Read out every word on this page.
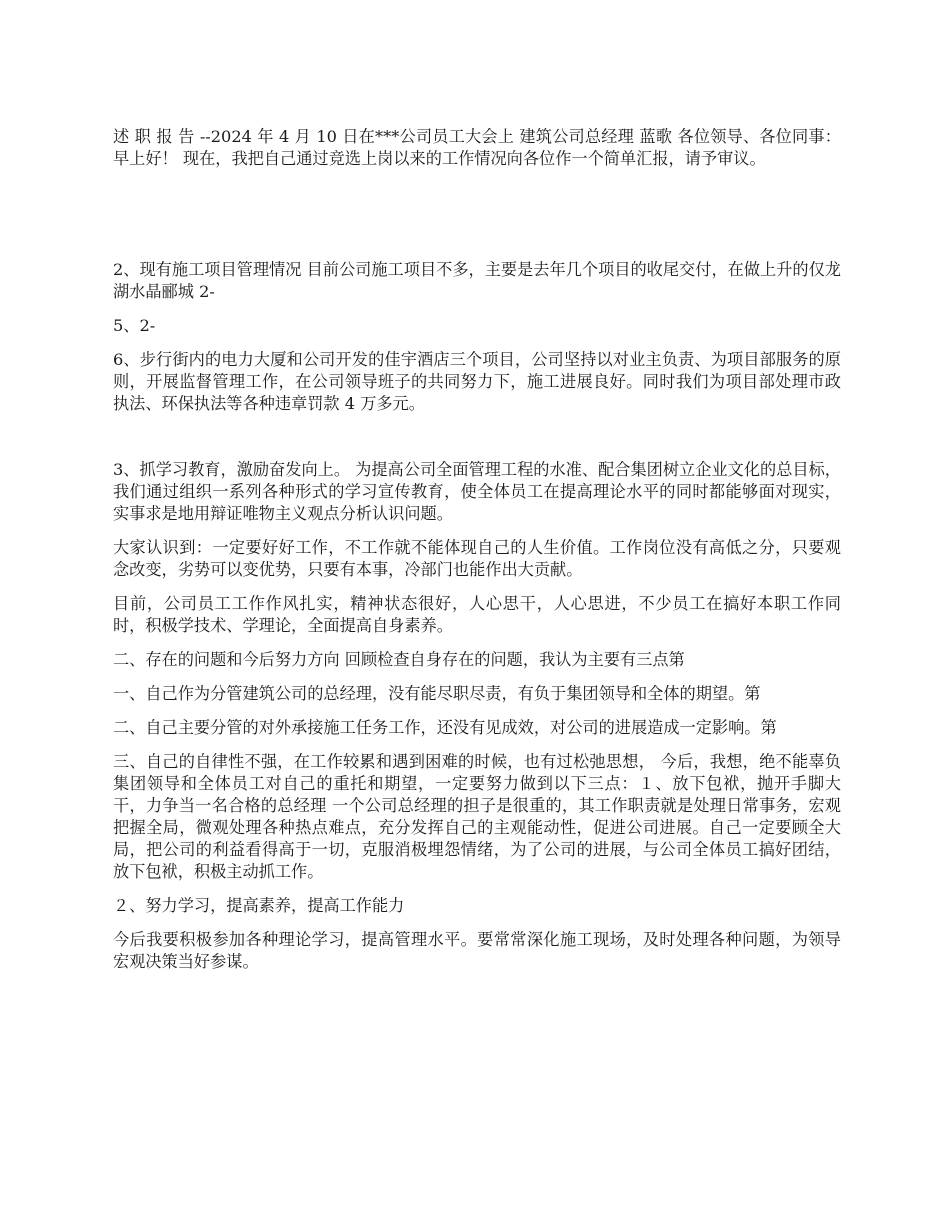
述 职 报 告 --2024 年 4 月 10 日在***公司员工大会上 建筑公司总经理 蓝歌 各位领导、各位同事： 早上好！ 现在，我把自己通过竞选上岗以来的工作情况向各位作一个简单汇报，请予审议。

2、现有施工项目管理情况 目前公司施工项目不多，主要是去年几个项目的收尾交付，在做上升的仅龙湖水晶郦城 2-

5、2-

6、步行街内的电力大厦和公司开发的佳宇酒店三个项目，公司坚持以对业主负责、为项目部服务的原则，开展监督管理工作，在公司领导班子的共同努力下，施工进展良好。同时我们为项目部处理市政执法、环保执法等各种违章罚款 4 万多元。

3、抓学习教育，激励奋发向上。 为提高公司全面管理工程的水准、配合集团树立企业文化的总目标，我们通过组织一系列各种形式的学习宣传教育，使全体员工在提高理论水平的同时都能够面对现实，实事求是地用辩证唯物主义观点分析认识问题。

大家认识到：一定要好好工作，不工作就不能体现自己的人生价值。工作岗位没有高低之分，只要观念改变，劣势可以变优势，只要有本事，冷部门也能作出大贡献。

目前，公司员工工作作风扎实，精神状态很好，人心思干，人心思进，不少员工在搞好本职工作同时，积极学技术、学理论，全面提高自身素养。

二、存在的问题和今后努力方向 回顾检查自身存在的问题，我认为主要有三点第

一、自己作为分管建筑公司的总经理，没有能尽职尽责，有负于集团领导和全体的期望。第

二、自己主要分管的对外承接施工任务工作，还没有见成效，对公司的进展造成一定影响。第

三、自己的自律性不强，在工作较累和遇到困难的时候，也有过松弛思想， 今后，我想，绝不能辜负集团领导和全体员工对自己的重托和期望，一定要努力做到以下三点：１、放下包袱，抛开手脚大干，力争当一名合格的总经理 一个公司总经理的担子是很重的，其工作职责就是处理日常事务，宏观把握全局，微观处理各种热点难点，充分发挥自己的主观能动性，促进公司进展。自己一定要顾全大局，把公司的利益看得高于一切，克服消极埋怨情绪，为了公司的进展，与公司全体员工搞好团结，放下包袱，积极主动抓工作。

２、努力学习，提高素养，提高工作能力

今后我要积极参加各种理论学习，提高管理水平。要常常深化施工现场，及时处理各种问题，为领导宏观决策当好参谋。
